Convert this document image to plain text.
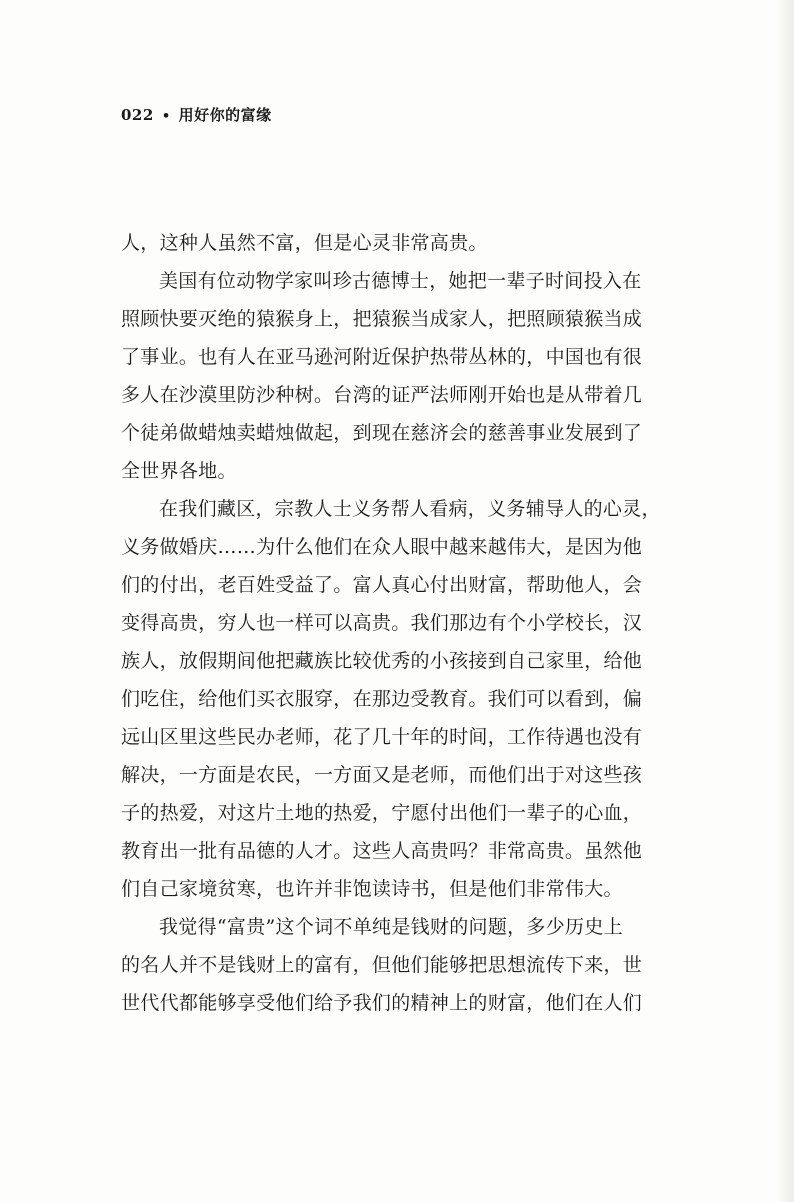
022 • 用好你的富缘
人，这种人虽然不富，但是心灵非常高贵。
美国有位动物学家叫珍古德博士，她把一辈子时间投入在
照顾快要灭绝的猿猴身上，把猿猴当成家人，把照顾猿猴当成
了事业。也有人在亚马逊河附近保护热带丛林的，中国也有很
多人在沙漠里防沙种树。台湾的证严法师刚开始也是从带着几
个徒弟做蜡烛卖蜡烛做起，到现在慈济会的慈善事业发展到了
全世界各地。
在我们藏区，宗教人士义务帮人看病，义务辅导人的心灵，
义务做婚庆……为什么他们在众人眼中越来越伟大，是因为他
们的付出，老百姓受益了。富人真心付出财富，帮助他人，会
变得高贵，穷人也一样可以高贵。我们那边有个小学校长，汉
族人，放假期间他把藏族比较优秀的小孩接到自己家里，给他
们吃住，给他们买衣服穿，在那边受教育。我们可以看到，偏
远山区里这些民办老师，花了几十年的时间，工作待遇也没有
解决，一方面是农民，一方面又是老师，而他们出于对这些孩
子的热爱，对这片土地的热爱，宁愿付出他们一辈子的心血，
教育出一批有品德的人才。这些人高贵吗？非常高贵。虽然他
们自己家境贫寒，也许并非饱读诗书，但是他们非常伟大。
我觉得“富贵”这个词不单纯是钱财的问题，多少历史上
的名人并不是钱财上的富有，但他们能够把思想流传下来，世
世代代都能够享受他们给予我们的精神上的财富，他们在人们
